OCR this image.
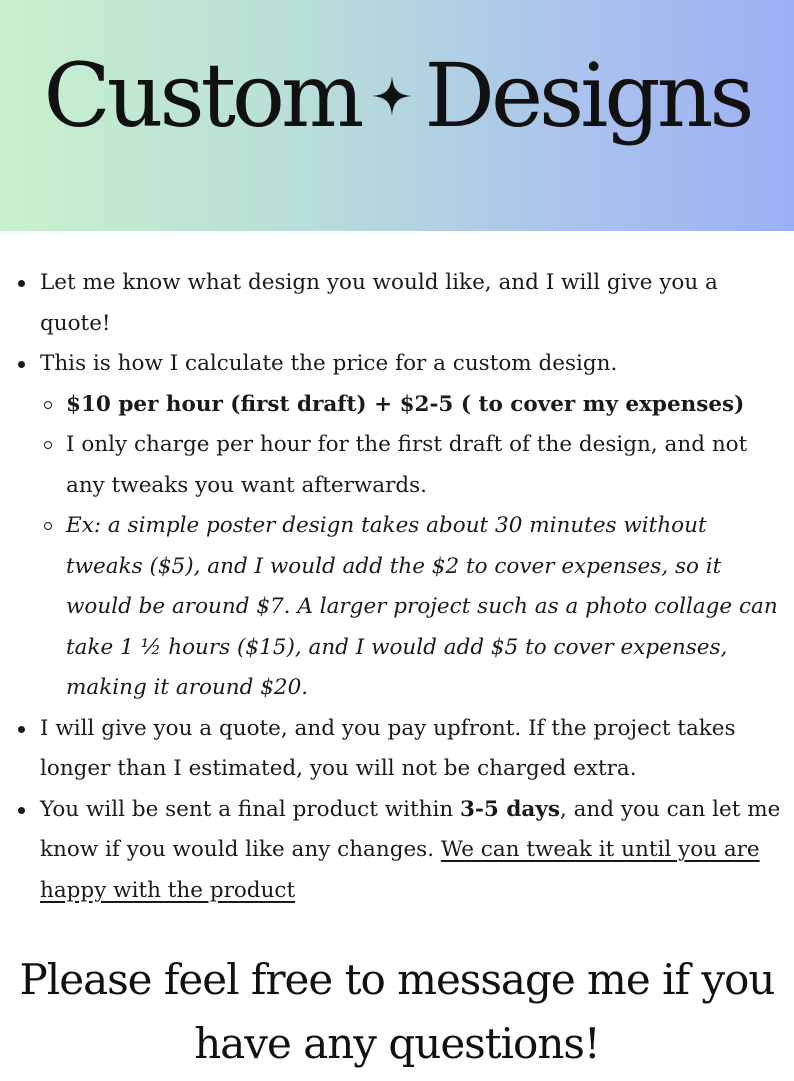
Custom Designs
Let me know what design you would like, and I will give you a quote!
This is how I calculate the price for a custom design.
$10 per hour (first draft) + $2-5 ( to cover my expenses)
I only charge per hour for the first draft of the design, and not any tweaks you want afterwards.
Ex: a simple poster design takes about 30 minutes without tweaks ($5), and I would add the $2 to cover expenses, so it would be around $7. A larger project such as a photo collage can take 1 ½ hours ($15), and I would add $5 to cover expenses, making it around $20.
I will give you a quote, and you pay upfront. If the project takes longer than I estimated, you will not be charged extra.
You will be sent a final product within 3-5 days, and you can let me know if you would like any changes. We can tweak it until you are happy with the product
Please feel free to message me if you
have any questions!
